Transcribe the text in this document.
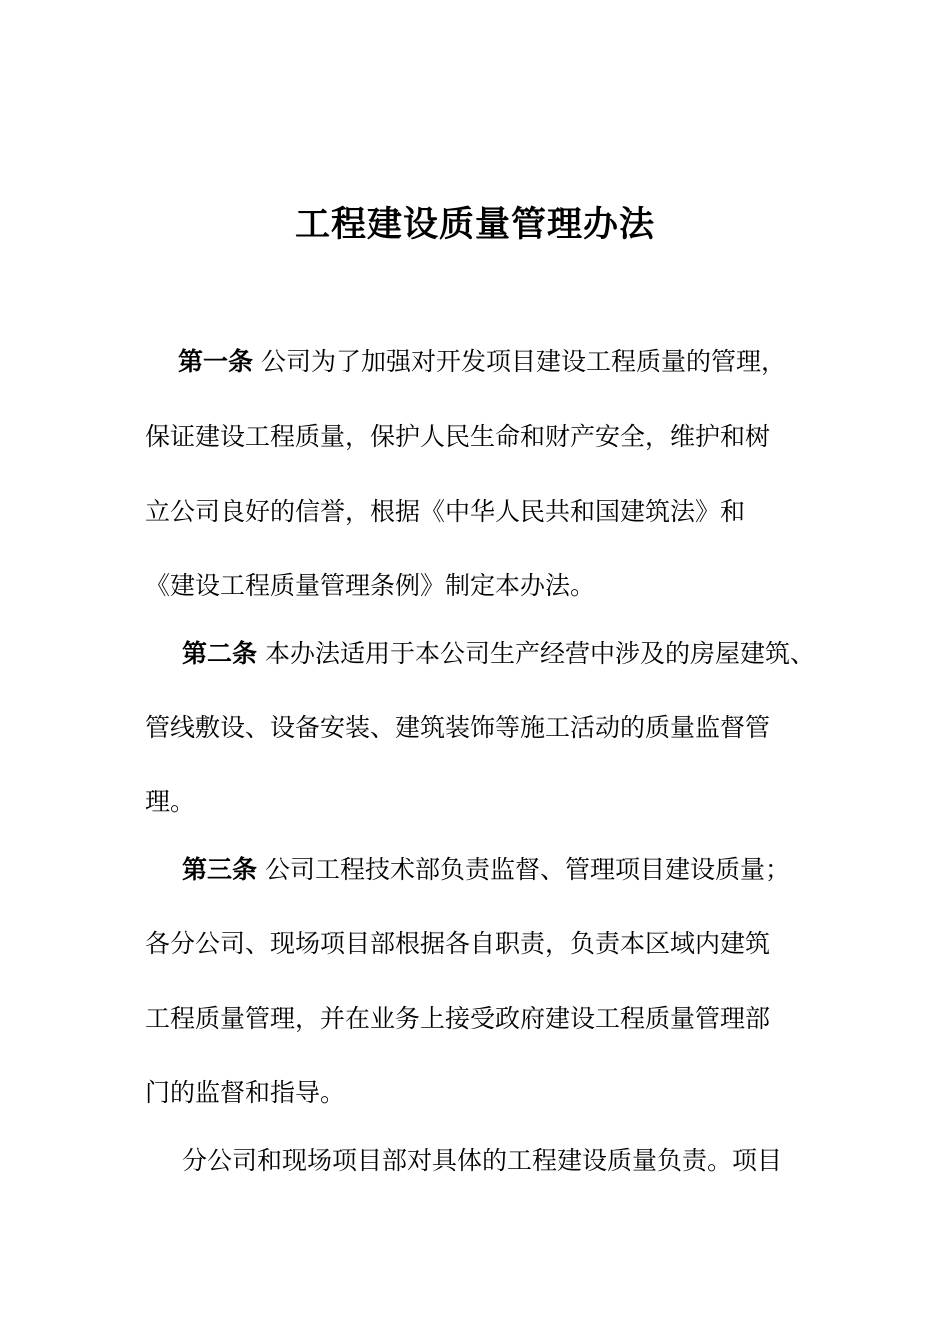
工程建设质量管理办法
第一条 公司为了加强对开发项目建设工程质量的管理，
保证建设工程质量，保护人民生命和财产安全，维护和树
立公司良好的信誉，根据《中华人民共和国建筑法》和
《建设工程质量管理条例》制定本办法。
第二条 本办法适用于本公司生产经营中涉及的房屋建筑、
管线敷设、设备安装、建筑装饰等施工活动的质量监督管
理。
第三条 公司工程技术部负责监督、管理项目建设质量；
各分公司、现场项目部根据各自职责，负责本区域内建筑
工程质量管理，并在业务上接受政府建设工程质量管理部
门的监督和指导。
分公司和现场项目部对具体的工程建设质量负责。项目
